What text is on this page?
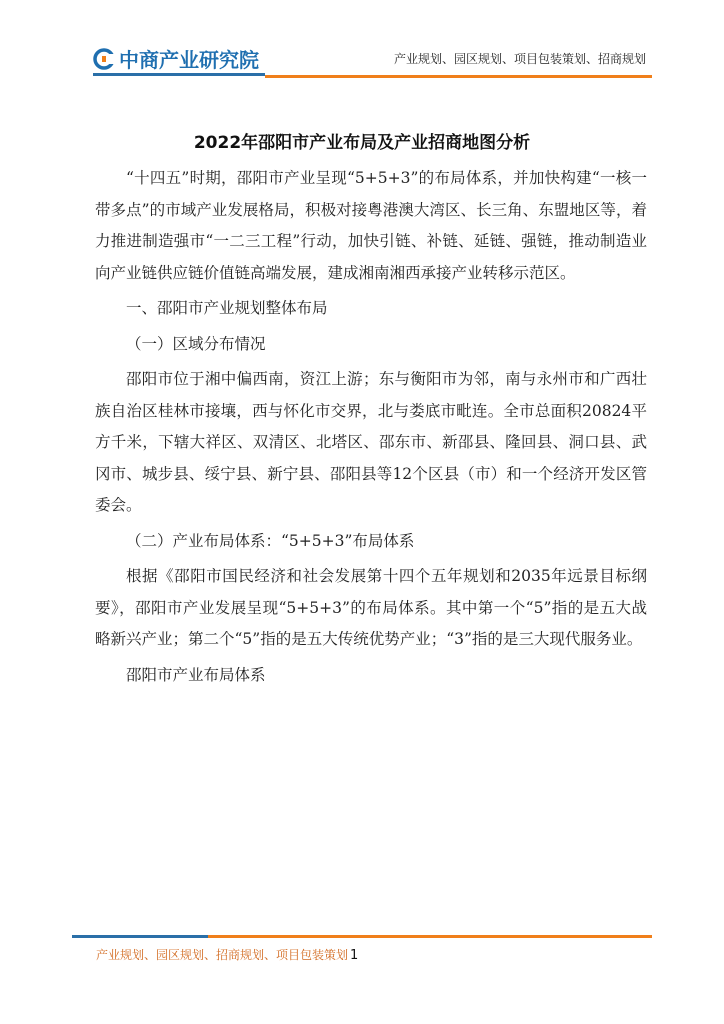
中商产业研究院	产业规划、园区规划、项目包装策划、招商规划
2022年邵阳市产业布局及产业招商地图分析

“十四五”时期，邵阳市产业呈现“5+5+3”的布局体系，并加快构建“一核一带多点”的市域产业发展格局，积极对接粤港澳大湾区、长三角、东盟地区等，着力推进制造强市“一二三工程”行动，加快引链、补链、延链、强链，推动制造业向产业链供应链价值链高端发展，建成湘南湘西承接产业转移示范区。

一、邵阳市产业规划整体布局

（一）区域分布情况

邵阳市位于湘中偏西南，资江上游；东与衡阳市为邻，南与永州市和广西壮族自治区桂林市接壤，西与怀化市交界，北与娄底市毗连。全市总面积20824平方千米，下辖大祥区、双清区、北塔区、邵东市、新邵县、隆回县、洞口县、武冈市、城步县、绥宁县、新宁县、邵阳县等12个区县（市）和一个经济开发区管委会。

（二）产业布局体系：“5+5+3”布局体系

根据《邵阳市国民经济和社会发展第十四个五年规划和2035年远景目标纲要》，邵阳市产业发展呈现“5+5+3”的布局体系。其中第一个“5”指的是五大战略新兴产业；第二个“5”指的是五大传统优势产业；“3”指的是三大现代服务业。

邵阳市产业布局体系

产业规划、园区规划、招商规划、项目包装策划 1
